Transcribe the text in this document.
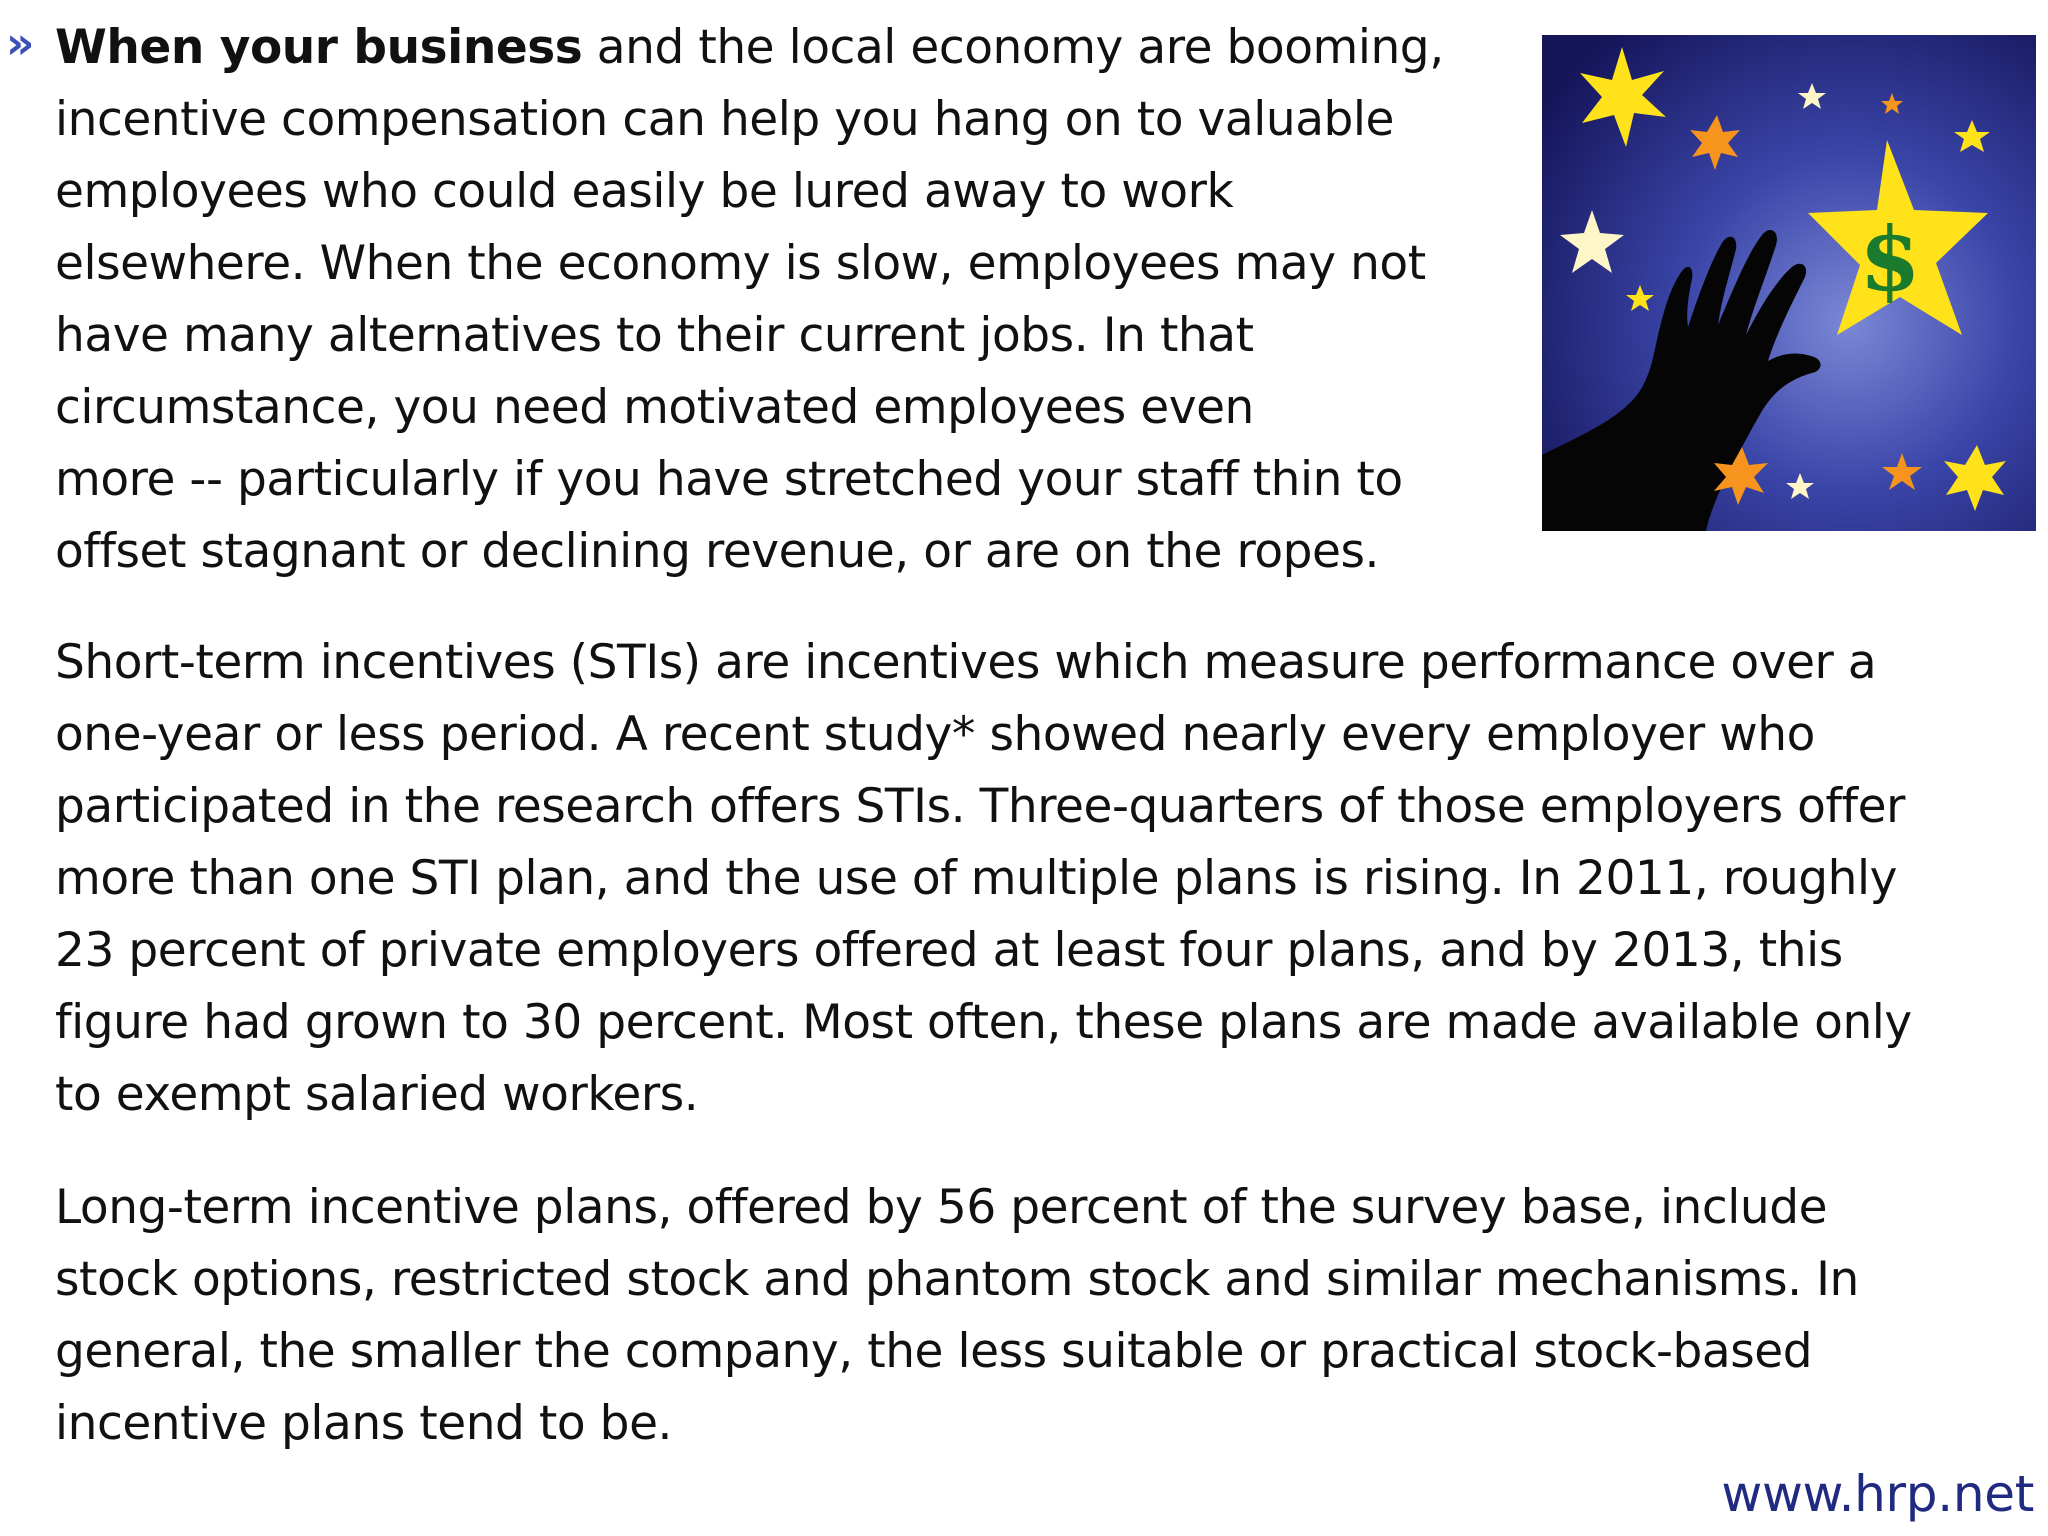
» When your business and the local economy are booming,
incentive compensation can help you hang on to valuable
employees who could easily be lured away to work
elsewhere. When the economy is slow, employees may not
have many alternatives to their current jobs. In that
circumstance, you need motivated employees even
more -- particularly if you have stretched your staff thin to
offset stagnant or declining revenue, or are on the ropes.

Short-term incentives (STIs) are incentives which measure performance over a
one-year or less period. A recent study* showed nearly every employer who
participated in the research offers STIs. Three-quarters of those employers offer
more than one STI plan, and the use of multiple plans is rising. In 2011, roughly
23 percent of private employers offered at least four plans, and by 2013, this
figure had grown to 30 percent. Most often, these plans are made available only
to exempt salaried workers.

Long-term incentive plans, offered by 56 percent of the survey base, include
stock options, restricted stock and phantom stock and similar mechanisms. In
general, the smaller the company, the less suitable or practical stock-based
incentive plans tend to be.

$
www.hrp.net
